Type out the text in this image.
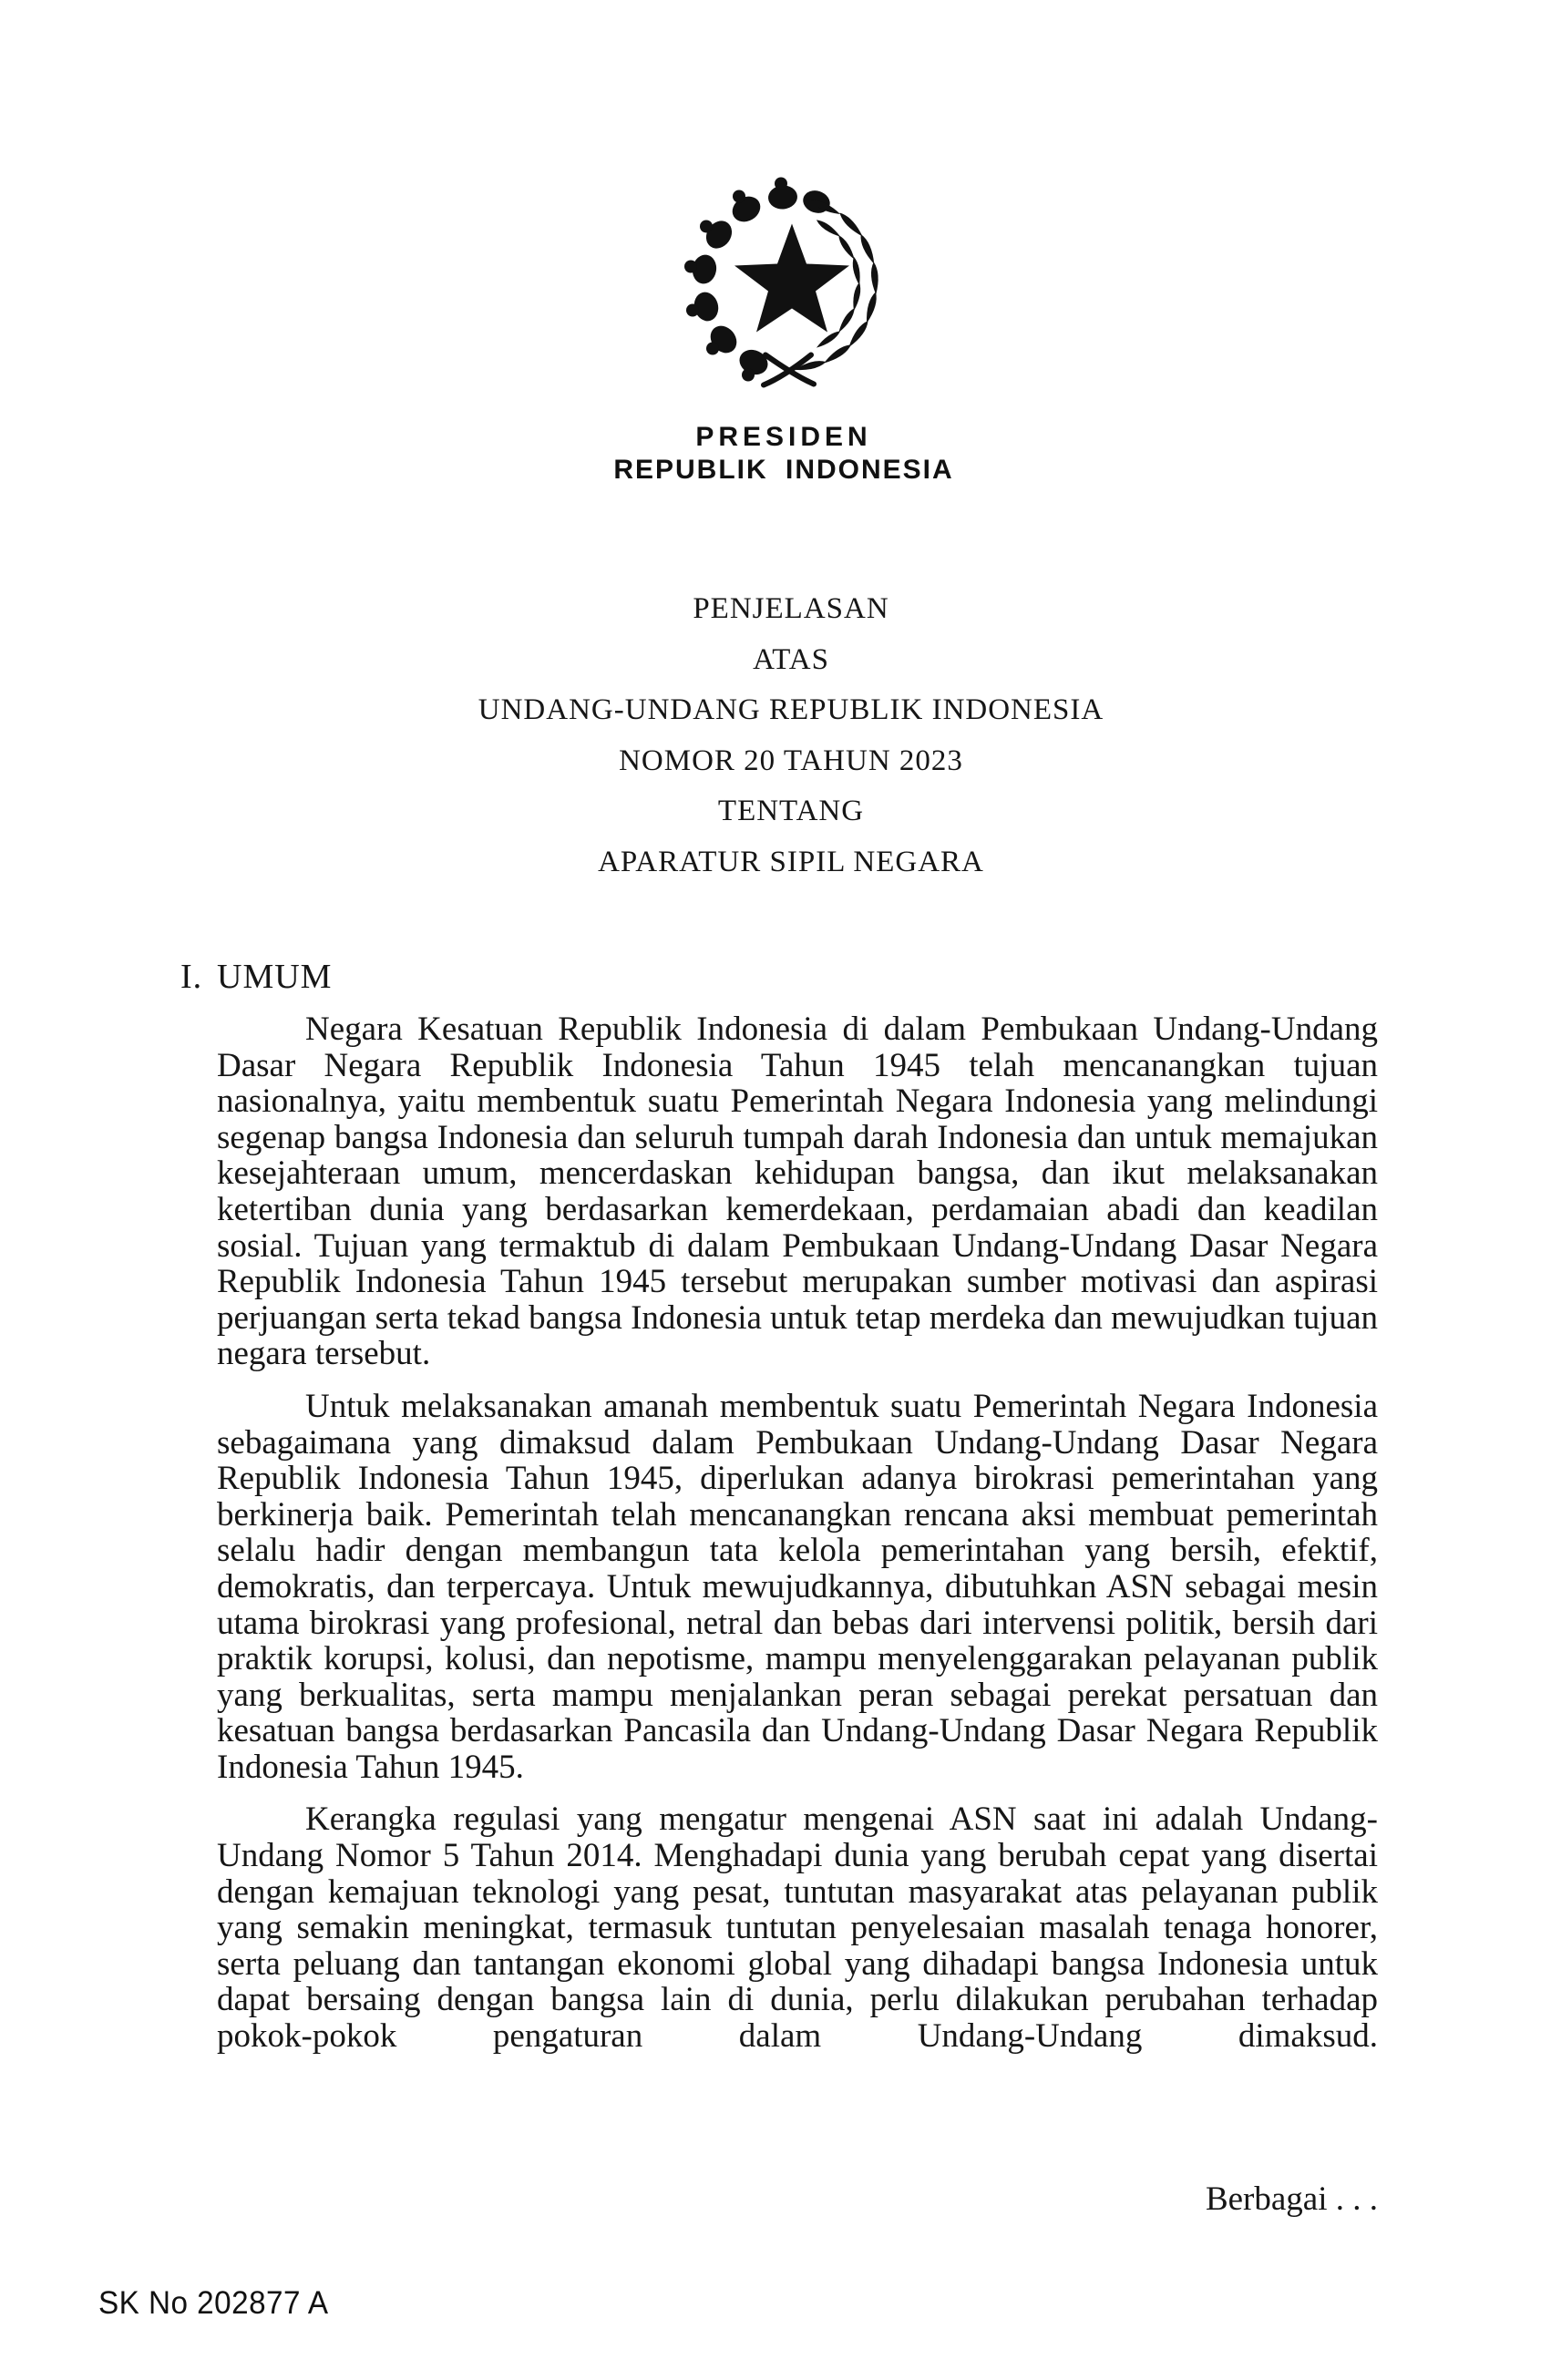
PRESIDEN
REPUBLIK INDONESIA
PENJELASAN
ATAS
UNDANG-UNDANG REPUBLIK INDONESIA
NOMOR 20 TAHUN 2023
TENTANG
APARATUR SIPIL NEGARA
I. UMUM

Negara Kesatuan Republik Indonesia di dalam Pembukaan Undang-Undang Dasar Negara Republik Indonesia Tahun 1945 telah mencanangkan tujuan nasionalnya, yaitu membentuk suatu Pemerintah Negara Indonesia yang melindungi segenap bangsa Indonesia dan seluruh tumpah darah Indonesia dan untuk memajukan kesejahteraan umum, mencerdaskan kehidupan bangsa, dan ikut melaksanakan ketertiban dunia yang berdasarkan kemerdekaan, perdamaian abadi dan keadilan sosial. Tujuan yang termaktub di dalam Pembukaan Undang-Undang Dasar Negara Republik Indonesia Tahun 1945 tersebut merupakan sumber motivasi dan aspirasi perjuangan serta tekad bangsa Indonesia untuk tetap merdeka dan mewujudkan tujuan negara tersebut.

Untuk melaksanakan amanah membentuk suatu Pemerintah Negara Indonesia sebagaimana yang dimaksud dalam Pembukaan Undang-Undang Dasar Negara Republik Indonesia Tahun 1945, diperlukan adanya birokrasi pemerintahan yang berkinerja baik. Pemerintah telah mencanangkan rencana aksi membuat pemerintah selalu hadir dengan membangun tata kelola pemerintahan yang bersih, efektif, demokratis, dan terpercaya. Untuk mewujudkannya, dibutuhkan ASN sebagai mesin utama birokrasi yang profesional, netral dan bebas dari intervensi politik, bersih dari praktik korupsi, kolusi, dan nepotisme, mampu menyelenggarakan pelayanan publik yang berkualitas, serta mampu menjalankan peran sebagai perekat persatuan dan kesatuan bangsa berdasarkan Pancasila dan Undang-Undang Dasar Negara Republik Indonesia Tahun 1945.

Kerangka regulasi yang mengatur mengenai ASN saat ini adalah Undang-Undang Nomor 5 Tahun 2014. Menghadapi dunia yang berubah cepat yang disertai dengan kemajuan teknologi yang pesat, tuntutan masyarakat atas pelayanan publik yang semakin meningkat, termasuk tuntutan penyelesaian masalah tenaga honorer, serta peluang dan tantangan ekonomi global yang dihadapi bangsa Indonesia untuk dapat bersaing dengan bangsa lain di dunia, perlu dilakukan perubahan terhadap pokok-pokok pengaturan dalam Undang-Undang dimaksud.

Berbagai . . .
SK No 202877 A
